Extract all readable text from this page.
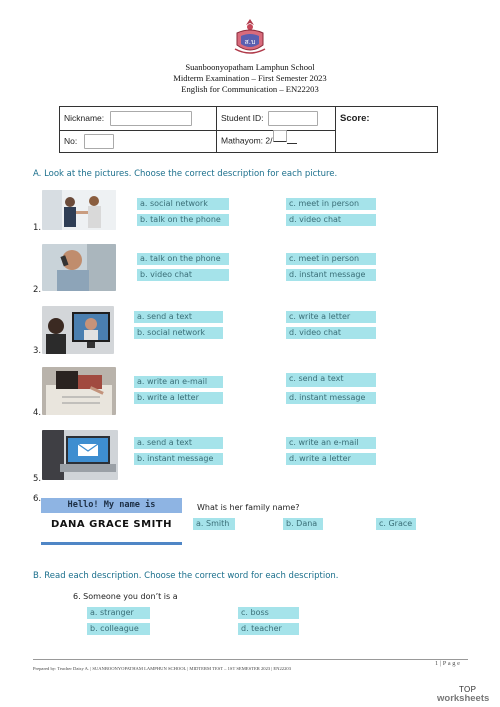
ส.บ
Suanboonyopatham Lamphun School
Midterm Examination – First Semester 2023
English for Communication – EN22203
Nickname:	Student ID:	Score:
No:	Mathayom: 2/	
A. Look at the pictures. Choose the correct description for each picture.
1.
a. social network
b. talk on the phone
c. meet in person
d. video chat
2.
a. talk on the phone
b. video chat
c. meet in person
d. instant message
3.
a. send a text
b. social network
c. write a letter
d. video chat
4.
a. write an e-mail
b. write a letter
c. send a text
d. instant message
5.
a. send a text
b. instant message
c. write an e-mail
d. write a letter
6.
Hello! My name is
DANA GRACE SMITH
What is her family name?
a. Smith	b. Dana	c. Grace
B. Read each description. Choose the correct word for each description.
6. Someone you don’t is a
a. stranger	c. boss
b. colleague	d. teacher
1 | P a g e
Prepared by: Teacher Daisy A. | SUANBOONYOPATHAM LAMPHUN SCHOOL | MIDTERM TEST – 1ST SEMESTER 2023 | EN22203
TOP
worksheets
